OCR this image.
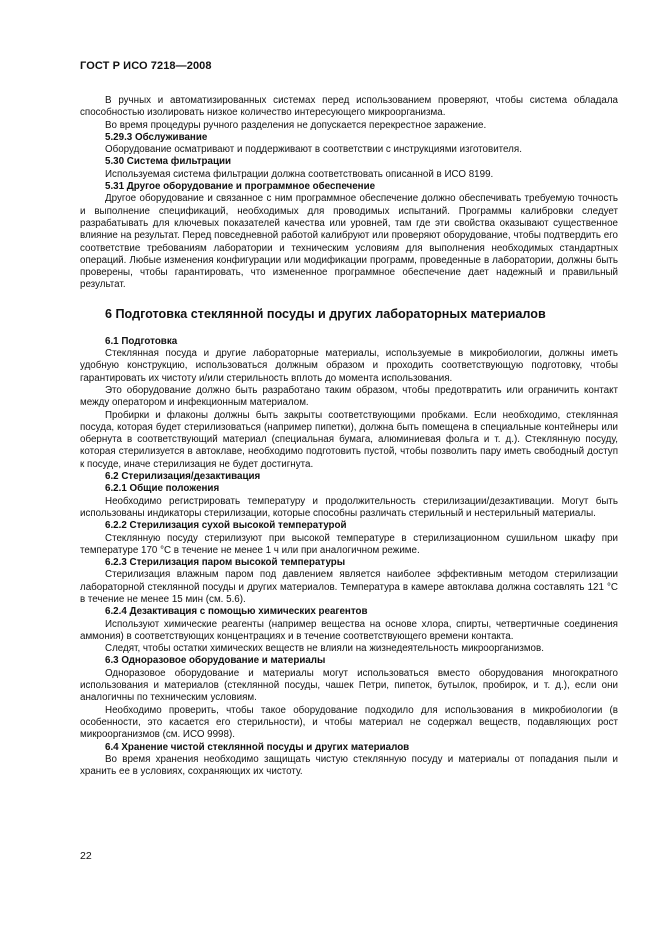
ГОСТ Р ИСО 7218—2008

В ручных и автоматизированных системах перед использованием проверяют, чтобы система обладала способностью изолировать низкое количество интересующего микроорганизма.

Во время процедуры ручного разделения не допускается перекрестное заражение.

5.29.3 Обслуживание

Оборудование осматривают и поддерживают в соответствии с инструкциями изготовителя.

5.30 Система фильтрации

Используемая система фильтрации должна соответствовать описанной в ИСО 8199.

5.31 Другое оборудование и программное обеспечение

Другое оборудование и связанное с ним программное обеспечение должно обеспечивать требуемую точность и выполнение спецификаций, необходимых для проводимых испытаний. Программы калибровки следует разрабатывать для ключевых показателей качества или уровней, там где эти свойства оказывают существенное влияние на результат. Перед повседневной работой калибруют или проверяют оборудование, чтобы подтвердить его соответствие требованиям лаборатории и техническим условиям для выполнения необходимых стандартных операций. Любые изменения конфигурации или модификации программ, проведенные в лаборатории, должны быть проверены, чтобы гарантировать, что измененное программное обеспечение дает надежный и правильный результат.

6 Подготовка стеклянной посуды и других лабораторных материалов

6.1 Подготовка

Стеклянная посуда и другие лабораторные материалы, используемые в микробиологии, должны иметь удобную конструкцию, использоваться должным образом и проходить соответствующую подготовку, чтобы гарантировать их чистоту и/или стерильность вплоть до момента использования.

Это оборудование должно быть разработано таким образом, чтобы предотвратить или ограничить контакт между оператором и инфекционным материалом.

Пробирки и флаконы должны быть закрыты соответствующими пробками. Если необходимо, стеклянная посуда, которая будет стерилизоваться (например пипетки), должна быть помещена в специальные контейнеры или обернута в соответствующий материал (специальная бумага, алюминиевая фольга и т. д.). Стеклянную посуду, которая стерилизуется в автоклаве, необходимо подготовить пустой, чтобы позволить пару иметь свободный доступ к посуде, иначе стерилизация не будет достигнута.

6.2 Стерилизация/дезактивация

6.2.1 Общие положения

Необходимо регистрировать температуру и продолжительность стерилизации/дезактивации. Могут быть использованы индикаторы стерилизации, которые способны различать стерильный и нестерильный материалы.

6.2.2 Стерилизация сухой высокой температурой

Стеклянную посуду стерилизуют при высокой температуре в стерилизационном сушильном шкафу при температуре 170 °С в течение не менее 1 ч или при аналогичном режиме.

6.2.3 Стерилизация паром высокой температуры

Стерилизация влажным паром под давлением является наиболее эффективным методом стерилизации лабораторной стеклянной посуды и других материалов. Температура в камере автоклава должна составлять 121 °С в течение не менее 15 мин (см. 5.6).

6.2.4 Дезактивация с помощью химических реагентов

Используют химические реагенты (например вещества на основе хлора, спирты, четвертичные соединения аммония) в соответствующих концентрациях и в течение соответствующего времени контакта.

Следят, чтобы остатки химических веществ не влияли на жизнедеятельность микроорганизмов.

6.3 Одноразовое оборудование и материалы

Одноразовое оборудование и материалы могут использоваться вместо оборудования многократного использования и материалов (стеклянной посуды, чашек Петри, пипеток, бутылок, пробирок, и т. д.), если они аналогичны по техническим условиям.

Необходимо проверить, чтобы такое оборудование подходило для использования в микробиологии (в особенности, это касается его стерильности), и чтобы материал не содержал веществ, подавляющих рост микроорганизмов (см. ИСО 9998).

6.4 Хранение чистой стеклянной посуды и других материалов

Во время хранения необходимо защищать чистую стеклянную посуду и материалы от попадания пыли и хранить ее в условиях, сохраняющих их чистоту.

22
